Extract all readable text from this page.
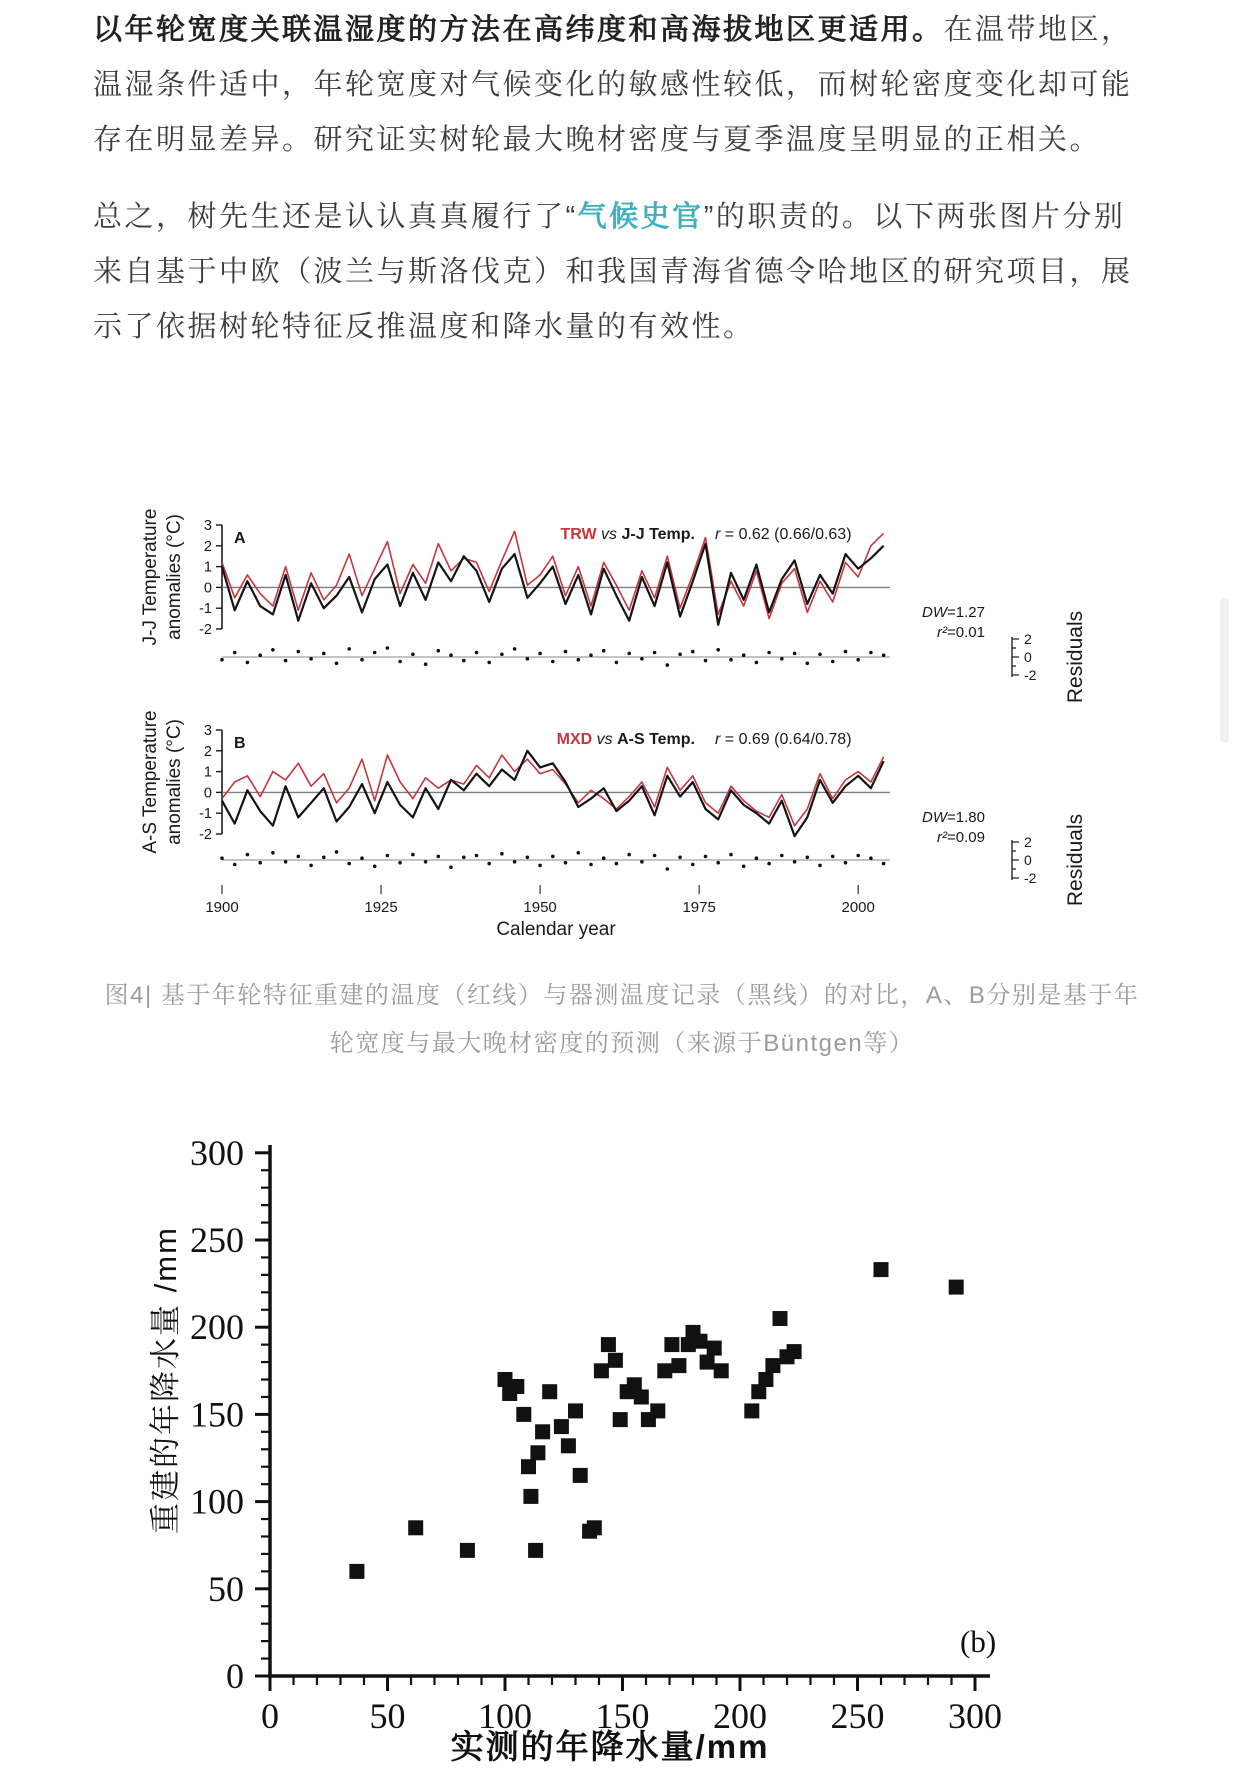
以年轮宽度关联温湿度的方法在高纬度和高海拔地区更适用。在温带地区，
温湿条件适中，年轮宽度对气候变化的敏感性较低，而树轮密度变化却可能
存在明显差异。研究证实树轮最大晚材密度与夏季温度呈明显的正相关。

总之，树先生还是认认真真履行了“气候史官”的职责的。以下两张图片分别
来自基于中欧（波兰与斯洛伐克）和我国青海省德令哈地区的研究项目，展
示了依据树轮特征反推温度和降水量的有效性。

3
2
1
0
-1
-2
J-J Temperature anomalies (°C)	A	TRW vs J-J Temp. r = 0.62 (0.66/0.63)
DW=1.27
r²=0.01	2
0
-2 Residuals
3
2
1
0
-1
-2
A-S Temperature anomalies (°C)	B	MXD vs A-S Temp. r = 0.69 (0.64/0.78)
DW=1.80
r²=0.09	2
0
-2 Residuals
1900	1925	1950	1975	2000
Calendar year
图4| 基于年轮特征重建的温度（红线）与器测温度记录（黑线）的对比，A、B分别是基于年
轮宽度与最大晚材密度的预测（来源于Büntgen等）
0	50 100 150 200 250 300
0
50
100
150
200
250
300
重建的年降水量 /mm
实测的年降水量/mm
(b)
